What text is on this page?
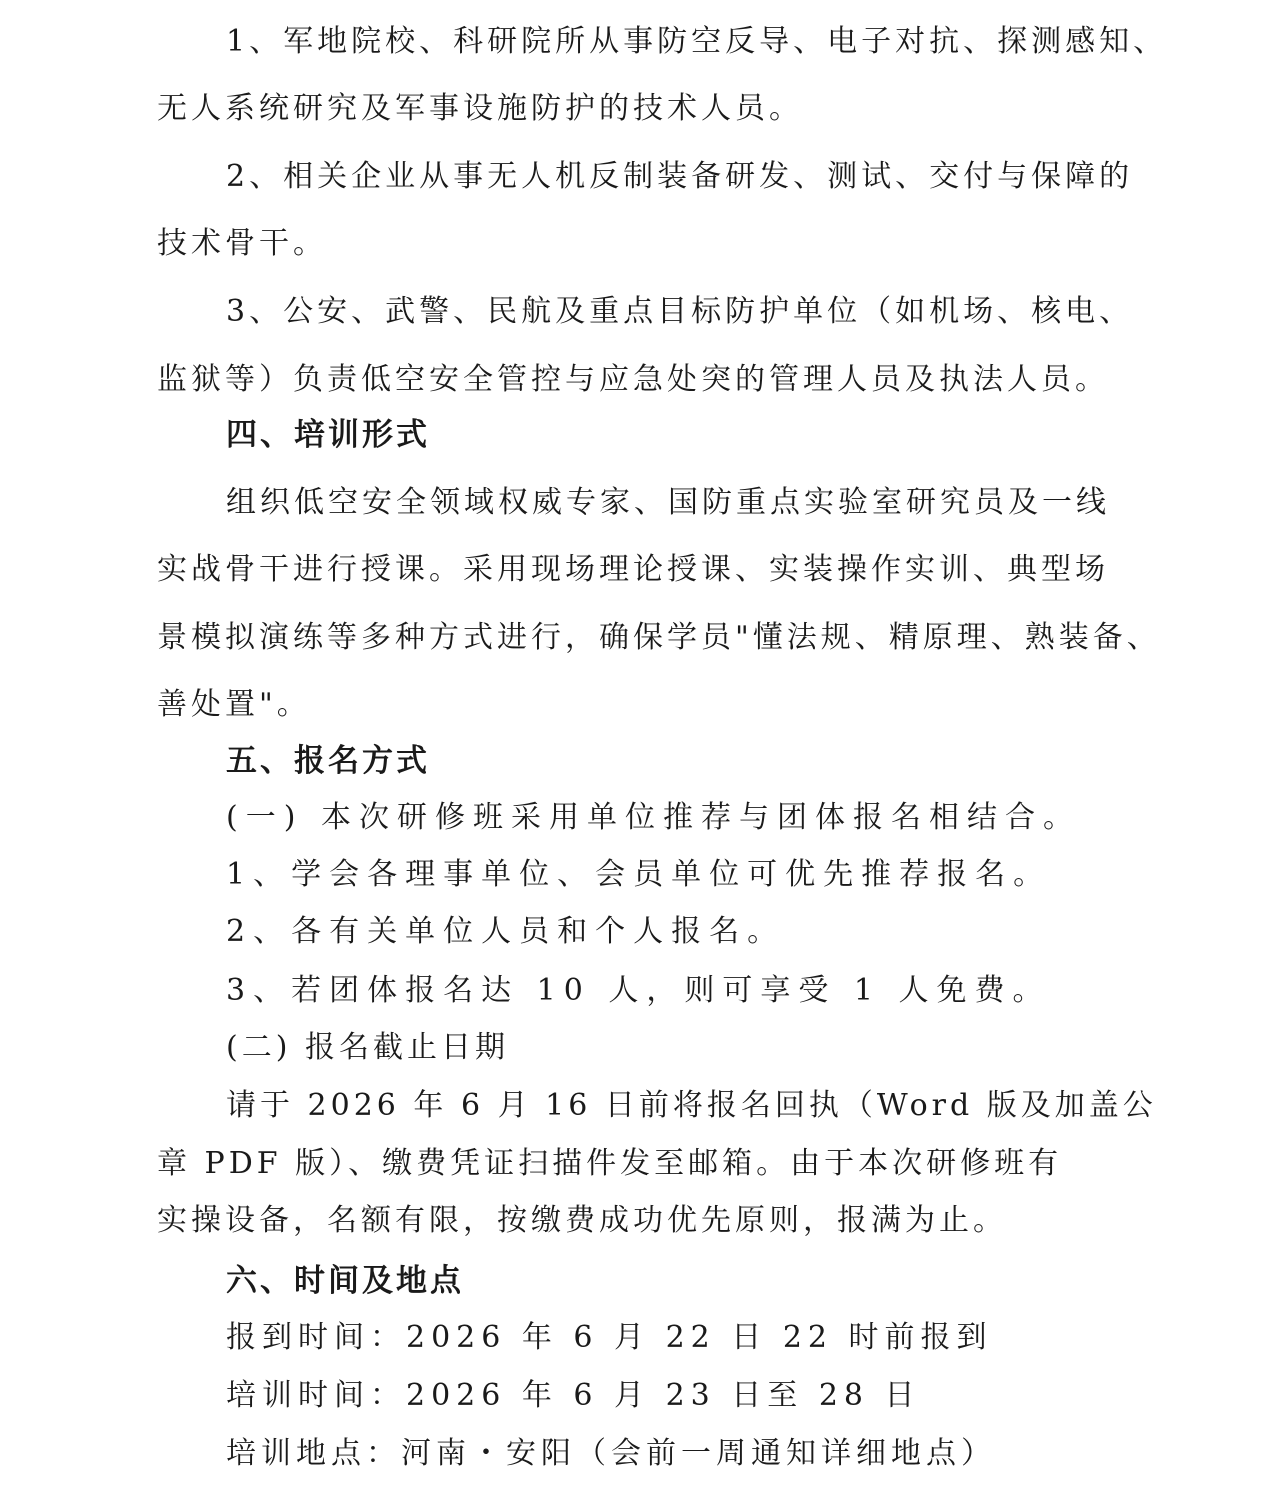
1、军地院校、科研院所从事防空反导、电子对抗、探测感知、

无人系统研究及军事设施防护的技术人员。

2、相关企业从事无人机反制装备研发、测试、交付与保障的

技术骨干。

3、公安、武警、民航及重点目标防护单位（如机场、核电、

监狱等）负责低空安全管控与应急处突的管理人员及执法人员。

四、培训形式

组织低空安全领域权威专家、国防重点实验室研究员及一线

实战骨干进行授课。采用现场理论授课、实装操作实训、典型场

景模拟演练等多种方式进行，确保学员"懂法规、精原理、熟装备、

善处置"。

五、报名方式

(一) 本次研修班采用单位推荐与团体报名相结合。

1、学会各理事单位、会员单位可优先推荐报名。

2、各有关单位人员和个人报名。

3、若团体报名达 10 人，则可享受 1 人免费。

(二) 报名截止日期

请于 2026 年 6 月 16 日前将报名回执（Word 版及加盖公

章 PDF 版）、缴费凭证扫描件发至邮箱。由于本次研修班有

实操设备，名额有限，按缴费成功优先原则，报满为止。

六、时间及地点

报到时间：2026 年 6 月 22 日 22 时前报到

培训时间：2026 年 6 月 23 日至 28 日

培训地点：河南・安阳（会前一周通知详细地点）
